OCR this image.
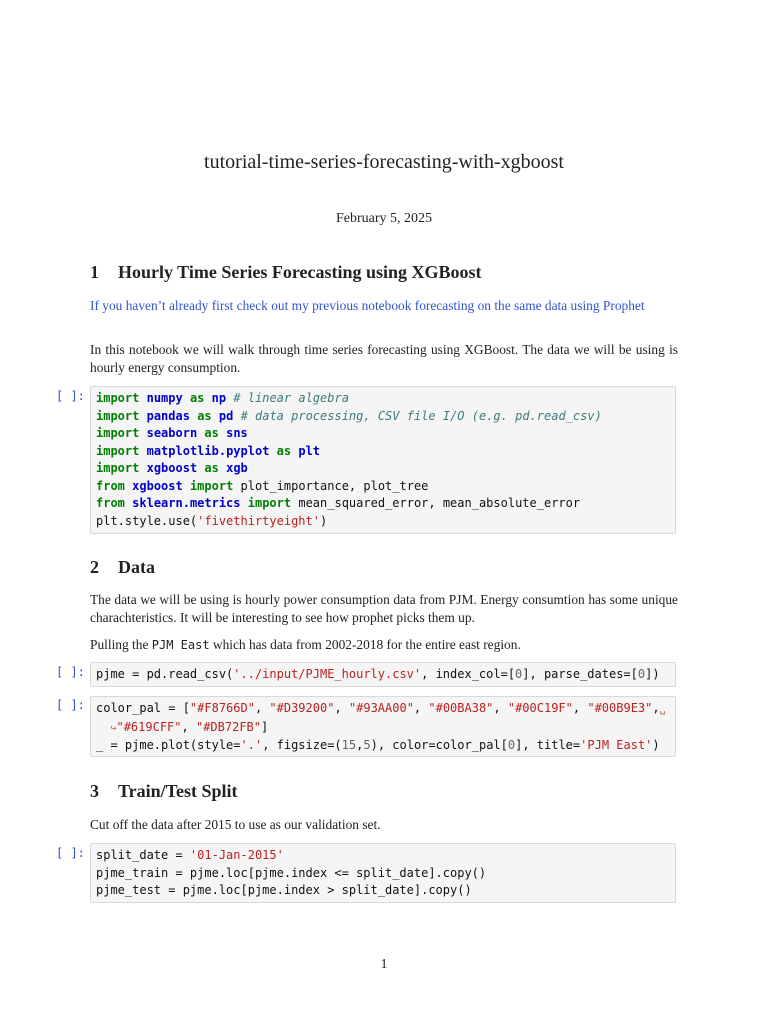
tutorial-time-series-forecasting-with-xgboost
February 5, 2025
1 Hourly Time Series Forecasting using XGBoost

If you haven’t already first check out my previous notebook forecasting on the same data using Prophet

In this notebook we will walk through time series forecasting using XGBoost. The data we will be using is hourly energy consumption.

[ ]: import numpy as np # linear algebra
import pandas as pd # data processing, CSV file I/O (e.g. pd.read_csv)
import seaborn as sns
import matplotlib.pyplot as plt
import xgboost as xgb
from xgboost import plot_importance, plot_tree
from sklearn.metrics import mean_squared_error, mean_absolute_error
plt.style.use('fivethirtyeight')
2 Data

The data we will be using is hourly power consumption data from PJM. Energy consumtion has some unique charachteristics. It will be interesting to see how prophet picks them up.

Pulling the PJM East which has data from 2002-2018 for the entire east region.

[ ]: pjme = pd.read_csv('../input/PJME_hourly.csv', index_col=[0], parse_dates=[0])
[ ]: color_pal = ["#F8766D", "#D39200", "#93AA00", "#00BA38", "#00C19F", "#00B9E3",␣
↪"#619CFF", "#DB72FB"]
_ = pjme.plot(style='.', figsize=(15,5), color=color_pal[0], title='PJM East')
3 Train/Test Split

Cut off the data after 2015 to use as our validation set.

[ ]: split_date = '01-Jan-2015'
pjme_train = pjme.loc[pjme.index <= split_date].copy()
pjme_test = pjme.loc[pjme.index > split_date].copy()
1
